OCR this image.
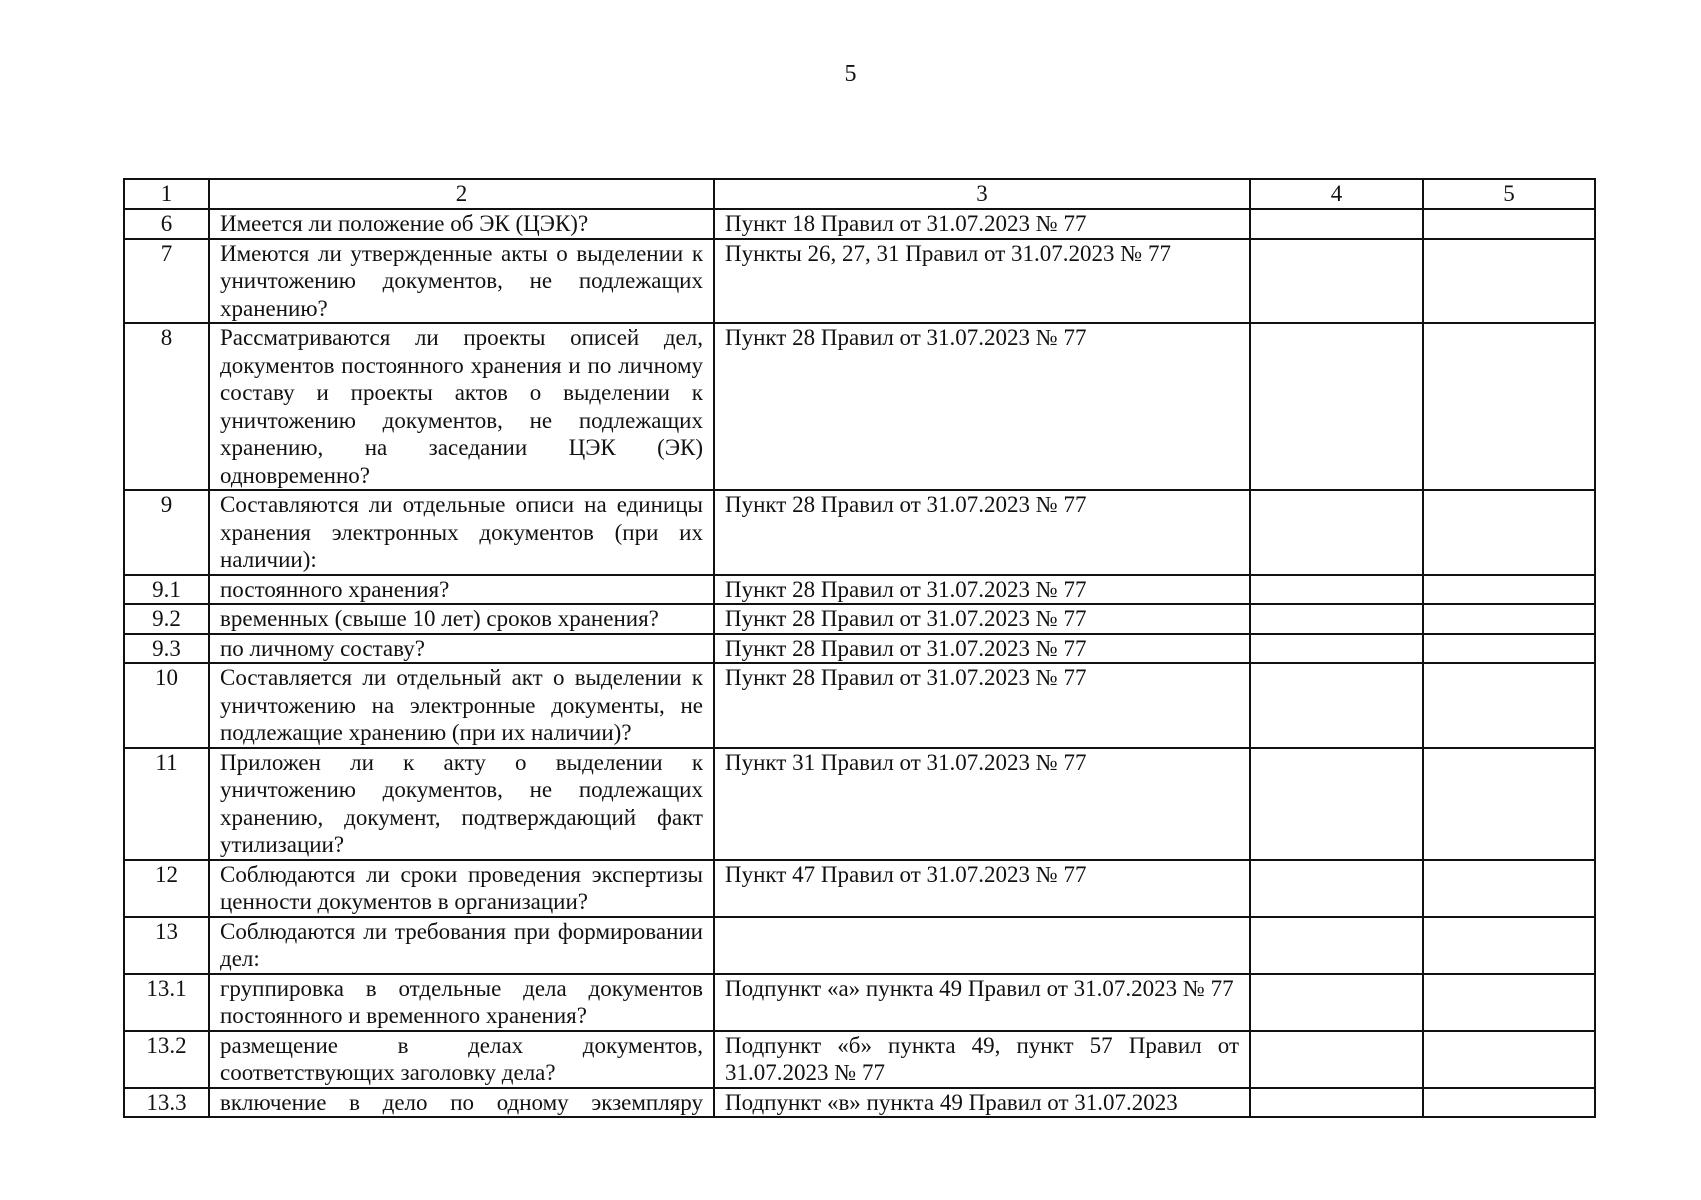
5
1	2	3	4	5
6	Имеется ли положение об ЭК (ЦЭК)?	Пункт 18 Правил от 31.07.2023 № 77		
7	Имеются ли утвержденные акты о выделении к уничтожению документов, не подлежащих хранению?	Пункты 26, 27, 31 Правил от 31.07.2023 № 77		
8	Рассматриваются ли проекты описей дел, документов постоянного хранения и по личному составу и проекты актов о выделении к уничтожению документов, не подлежащих хранению, на заседании ЦЭК (ЭК) одновременно?	Пункт 28 Правил от 31.07.2023 № 77		
9	Составляются ли отдельные описи на единицы хранения электронных документов (при их наличии):	Пункт 28 Правил от 31.07.2023 № 77		
9.1	постоянного хранения?	Пункт 28 Правил от 31.07.2023 № 77		
9.2	временных (свыше 10 лет) сроков хранения?	Пункт 28 Правил от 31.07.2023 № 77		
9.3	по личному составу?	Пункт 28 Правил от 31.07.2023 № 77		
10	Составляется ли отдельный акт о выделении к уничтожению на электронные документы, не подлежащие хранению (при их наличии)?	Пункт 28 Правил от 31.07.2023 № 77		
11	Приложен ли к акту о выделении к уничтожению документов, не подлежащих хранению, документ, подтверждающий факт утилизации?	Пункт 31 Правил от 31.07.2023 № 77		
12	Соблюдаются ли сроки проведения экспертизы ценности документов в организации?	Пункт 47 Правил от 31.07.2023 № 77		
13	Соблюдаются ли требования при формировании дел:			
13.1	группировка в отдельные дела документов постоянного и временного хранения?	Подпункт «а» пункта 49 Правил от 31.07.2023 № 77		
13.2	размещение в делах документов, соответствующих заголовку дела?	Подпункт «б» пункта 49, пункт 57 Правил от 31.07.2023 № 77		
13.3	включение в дело по одному экземпляру	Подпункт «в» пункта 49 Правил от 31.07.2023		
